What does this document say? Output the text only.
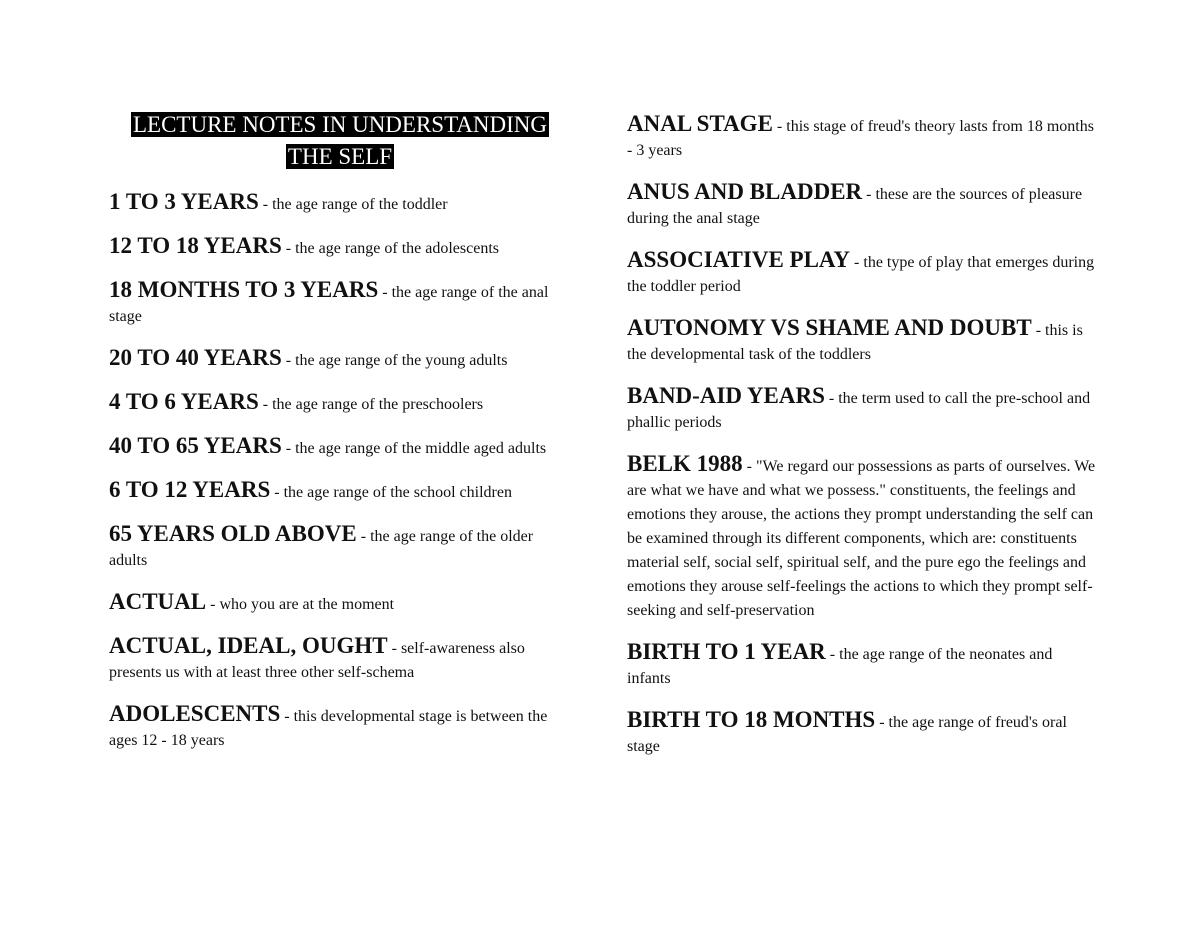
LECTURE NOTES IN UNDERSTANDING
THE SELF
1 TO 3 YEARS - the age range of the toddler
12 TO 18 YEARS - the age range of the adolescents
18 MONTHS TO 3 YEARS - the age range of the anal stage
20 TO 40 YEARS - the age range of the young adults
4 TO 6 YEARS - the age range of the preschoolers
40 TO 65 YEARS - the age range of the middle aged adults
6 TO 12 YEARS - the age range of the school children
65 YEARS OLD ABOVE - the age range of the older adults
ACTUAL - who you are at the moment
ACTUAL, IDEAL, OUGHT - self-awareness also presents us with at least three other self-schema
ADOLESCENTS - this developmental stage is between the ages 12 - 18 years
ANAL STAGE - this stage of freud's theory lasts from 18 months - 3 years
ANUS AND BLADDER - these are the sources of pleasure during the anal stage
ASSOCIATIVE PLAY - the type of play that emerges during the toddler period
AUTONOMY VS SHAME AND DOUBT - this is the developmental task of the toddlers
BAND-AID YEARS - the term used to call the pre-school and phallic periods
BELK 1988 - "We regard our possessions as parts of ourselves. We are what we have and what we possess." constituents, the feelings and emotions they arouse, the actions they prompt understanding the self can be examined through its different components, which are: constituents material self, social self, spiritual self, and the pure ego the feelings and emotions they arouse self-feelings the actions to which they prompt self-seeking and self-preservation
BIRTH TO 1 YEAR - the age range of the neonates and infants
BIRTH TO 18 MONTHS - the age range of freud's oral stage
